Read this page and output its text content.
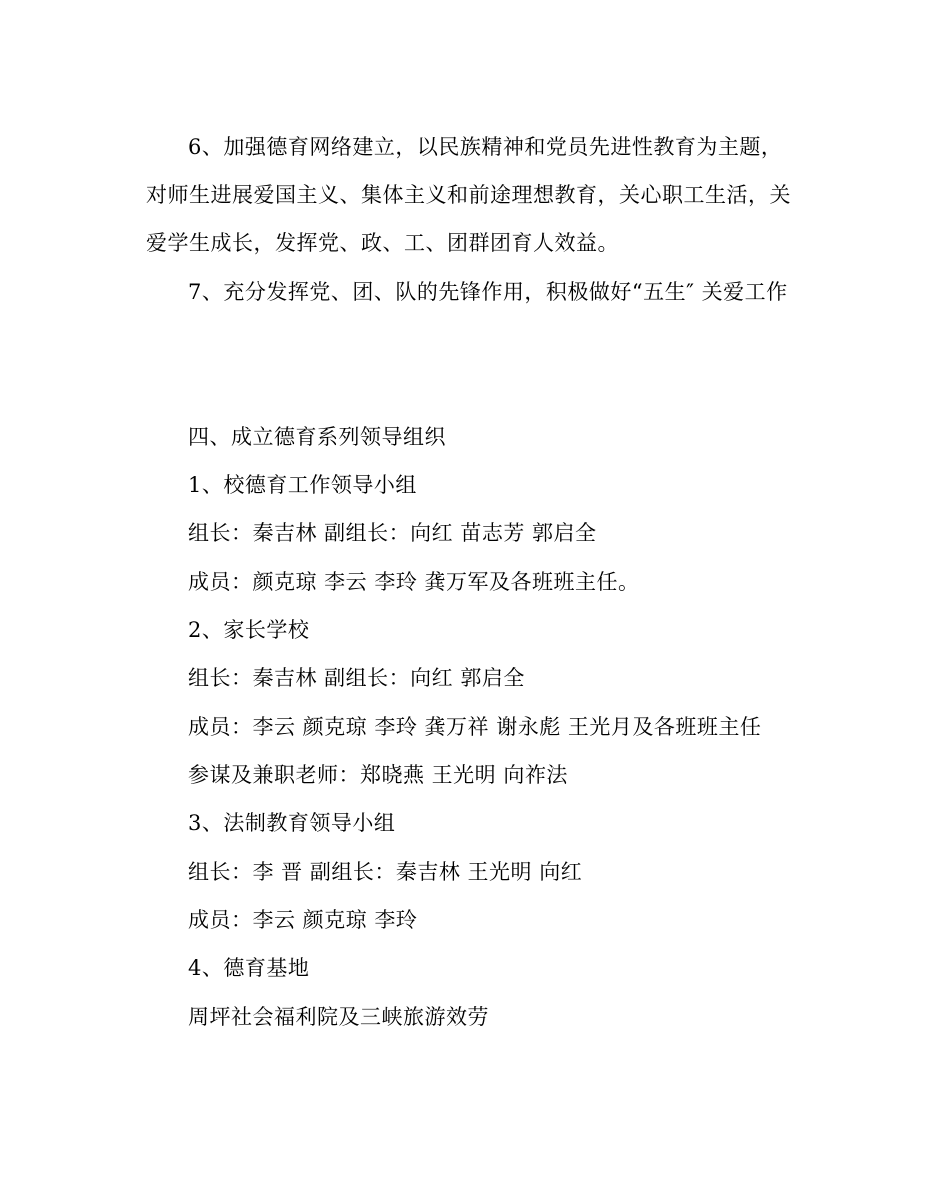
6、加强德育网络建立，以民族精神和党员先进性教育为主题，
对师生进展爱国主义、集体主义和前途理想教育，关心职工生活，关
爱学生成长，发挥党、政、工、团群团育人效益。
7、充分发挥党、团、队的先锋作用，积极做好“五生″ 关爱工作
四、成立德育系列领导组织
1、校德育工作领导小组
组长：秦吉林 副组长：向红 苗志芳 郭启全
成员：颜克琼 李云 李玲 龚万军及各班班主任。
2、家长学校
组长：秦吉林 副组长：向红 郭启全
成员：李云 颜克琼 李玲 龚万祥 谢永彪 王光月及各班班主任
参谋及兼职老师：郑晓燕 王光明 向祚法
3、法制教育领导小组
组长：李 晋 副组长：秦吉林 王光明 向红
成员：李云 颜克琼 李玲
4、德育基地
周坪社会福利院及三峡旅游效劳
